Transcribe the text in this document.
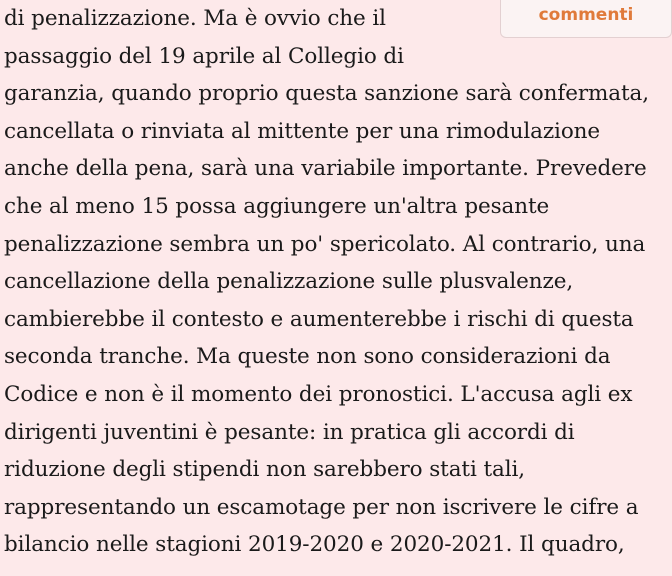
commenti
di penalizzazione. Ma è ovvio che il
passaggio del 19 aprile al Collegio di
garanzia, quando proprio questa sanzione sarà confermata,
cancellata o rinviata al mittente per una rimodulazione
anche della pena, sarà una variabile importante. Prevedere
che al meno 15 possa aggiungere un'altra pesante
penalizzazione sembra un po' spericolato. Al contrario, una
cancellazione della penalizzazione sulle plusvalenze,
cambierebbe il contesto e aumenterebbe i rischi di questa
seconda tranche. Ma queste non sono considerazioni da
Codice e non è il momento dei pronostici. L'accusa agli ex
dirigenti juventini è pesante: in pratica gli accordi di
riduzione degli stipendi non sarebbero stati tali,
rappresentando un escamotage per non iscrivere le cifre a
bilancio nelle stagioni 2019-2020 e 2020-2021. Il quadro,
